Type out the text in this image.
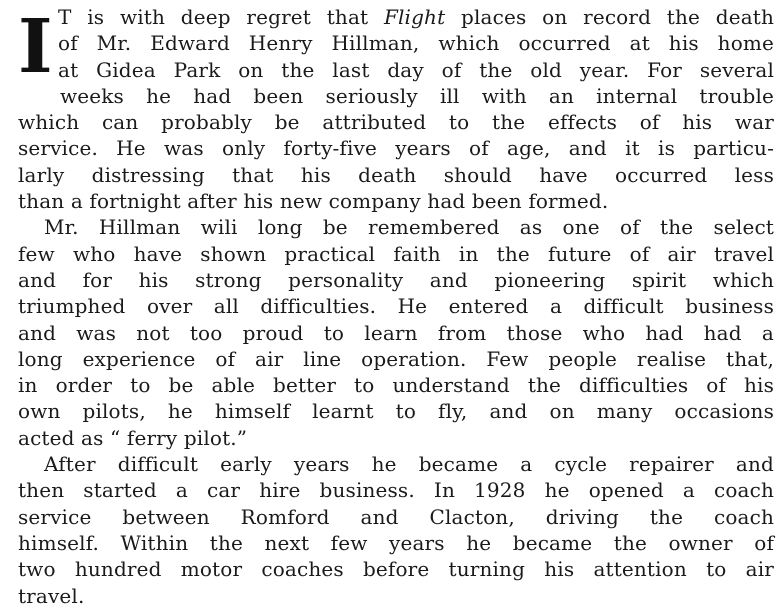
I T is with deep regret that Flight places on record the death
of Mr. Edward Henry Hillman, which occurred at his home
at Gidea Park on the last day of the old year. For several
weeks he had been seriously ill with an internal trouble
which can probably be attributed to the effects of his war
service. He was only forty-five years of age, and it is particu-
larly distressing that his death should have occurred less
than a fortnight after his new company had been formed.
Mr. Hillman wili long be remembered as one of the select
few who have shown practical faith in the future of air travel
and for his strong personality and pioneering spirit which
triumphed over all difficulties. He entered a difficult business
and was not too proud to learn from those who had had a
long experience of air line operation. Few people realise that,
in order to be able better to understand the difficulties of his
own pilots, he himself learnt to fly, and on many occasions
acted as “ ferry pilot.”
After difficult early years he became a cycle repairer and
then started a car hire business. In 1928 he opened a coach
service between Romford and Clacton, driving the coach
himself. Within the next few years he became the owner of
two hundred motor coaches before turning his attention to air
travel.
